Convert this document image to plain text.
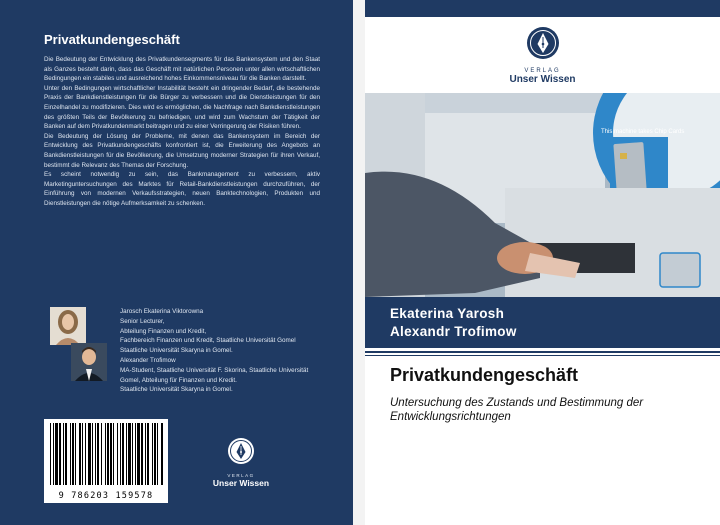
Privatkundengeschäft

Die Bedeutung der Entwicklung des Privatkundensegments für das Bankensystem und den Staat als Ganzes besteht darin, dass das Geschäft mit natürlichen Personen unter allen wirtschaftlichen Bedingungen ein stabiles und ausreichend hohes Einkommensniveau für die Banken darstellt.

Unter den Bedingungen wirtschaftlicher Instabilität besteht ein dringender Bedarf, die bestehende Praxis der Bankdienstleistungen für die Bürger zu verbessern und die Dienstleistungen für den Einzelhandel zu modifizieren. Dies wird es ermöglichen, die Nachfrage nach Bankdienstleistungen des größten Teils der Bevölkerung zu befriedigen, und wird zum Wachstum der Tätigkeit der Banken auf dem Privatkundenmarkt beitragen und zu einer Verringerung der Risiken führen.

Die Bedeutung der Lösung der Probleme, mit denen das Bankensystem im Bereich der Entwicklung des Privatkundengeschäfts konfrontiert ist, die Erweiterung des Angebots an Bankdienstleistungen für die Bevölkerung, die Umsetzung moderner Strategien für ihren Verkauf, bestimmt die Relevanz des Themas der Forschung.

Es scheint notwendig zu sein, das Bankmanagement zu verbessern, aktiv Marketinguntersuchungen des Marktes für Retail-Bankdienstleistungen durchzuführen, der Einführung von modernen Verkaufsstrategien, neuen Banktechnologien, Produkten und Dienstleistungen die nötige Aufmerksamkeit zu schenken.

Jarosch Ekaterina Viktorowna
Senior Lecturer,
Abteilung Finanzen und Kredit,
Fachbereich Finanzen und Kredit, Staatliche Universität Gomel
Staatliche Universität Skaryna in Gomel.
Alexander Trofimow
MA-Student, Staatliche Universität F. Skorina, Staatliche Universität Gomel, Abteilung für Finanzen und Kredit.
Staatliche Universität Skaryna in Gomel.
9 786203 159578
VERLAG
Unser Wissen
VERLAG
Unser Wissen
This machine takes Chip Cards
Ekaterina Yarosh
Alexandr Trofimow
Privatkundengeschäft
Untersuchung des Zustands und Bestimmung der Entwicklungsrichtungen
